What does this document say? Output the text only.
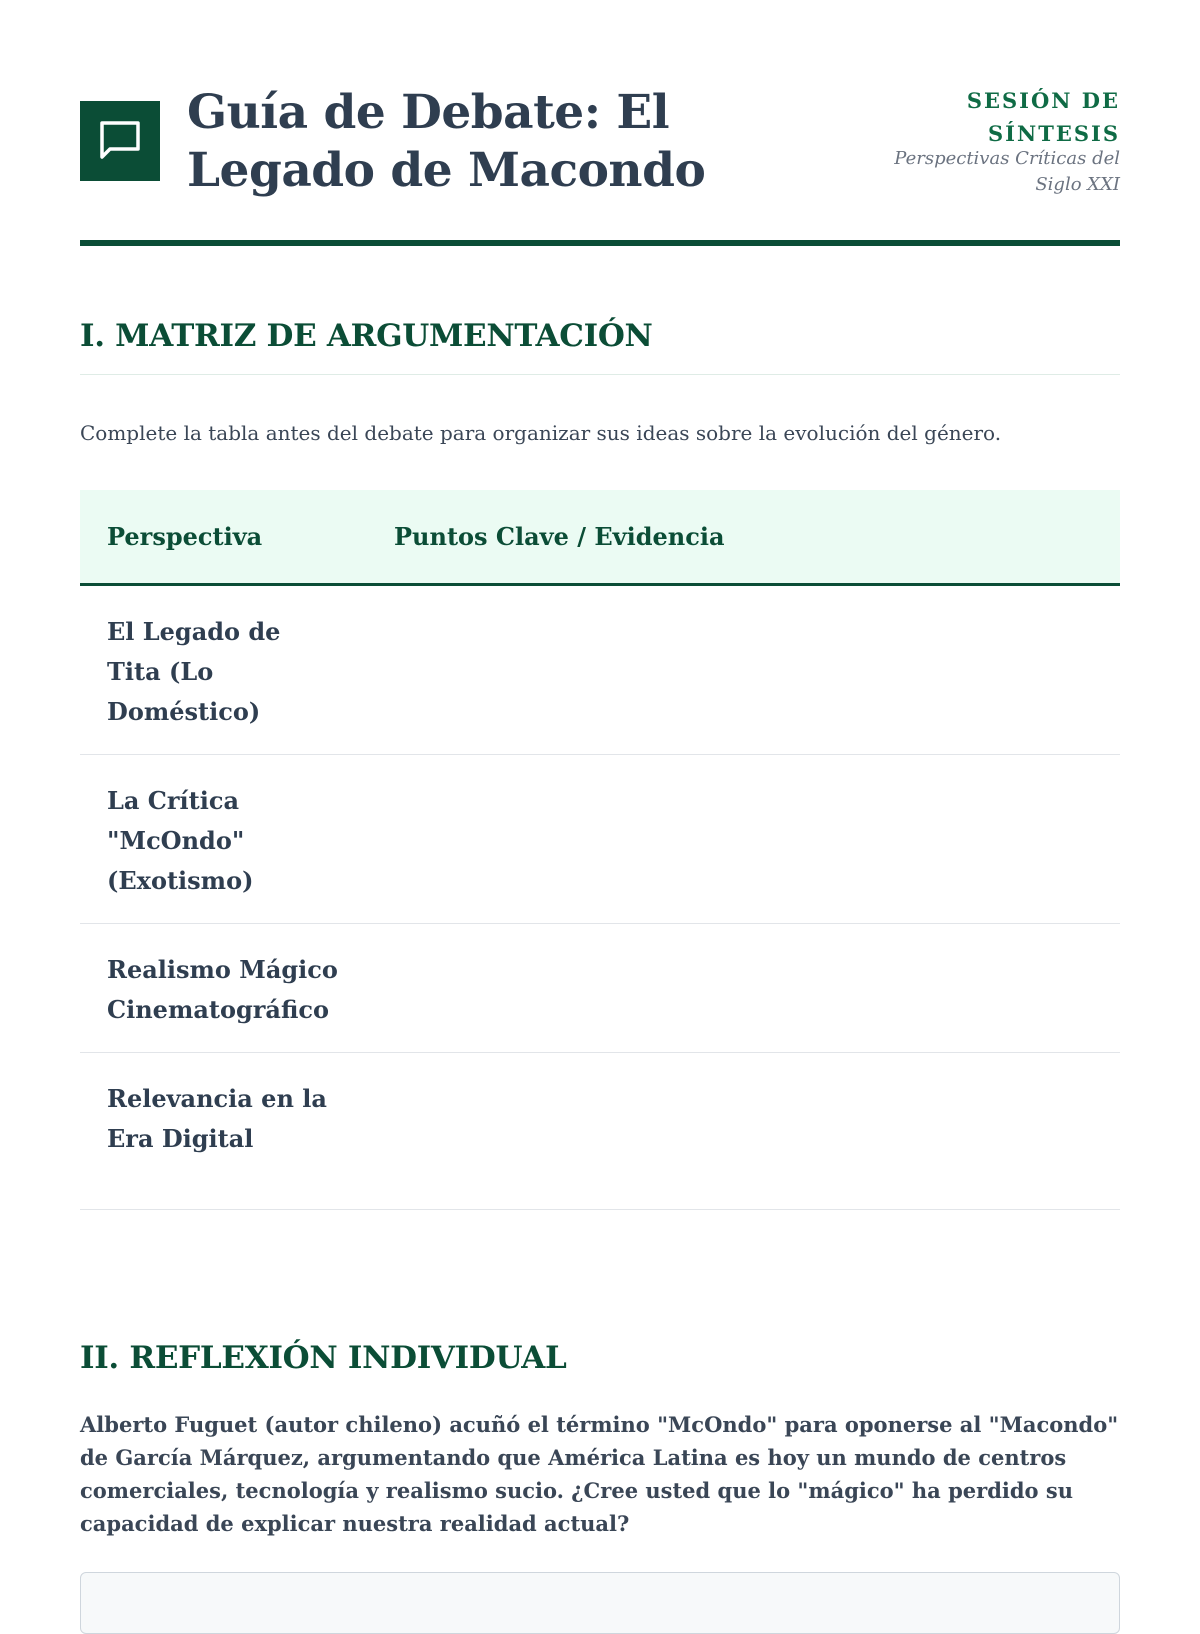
Guía de Debate: El Legado de Macondo
SESIÓN DE SÍNTESIS
Perspectivas Críticas del Siglo XXI
I. MATRIZ DE ARGUMENTACIÓN

Complete la tabla antes del debate para organizar sus ideas sobre la evolución del género.

Perspectiva	Puntos Clave / Evidencia
El Legado de Tita (Lo Doméstico)	
La Crítica "McOndo" (Exotismo)	
Realismo Mágico Cinematográfico	
Relevancia en la Era Digital	
II. REFLEXIÓN INDIVIDUAL

Alberto Fuguet (autor chileno) acuñó el término "McOndo" para oponerse al "Macondo" de García Márquez, argumentando que América Latina es hoy un mundo de centros comerciales, tecnología y realismo sucio. ¿Cree usted que lo "mágico" ha perdido su capacidad de explicar nuestra realidad actual?
